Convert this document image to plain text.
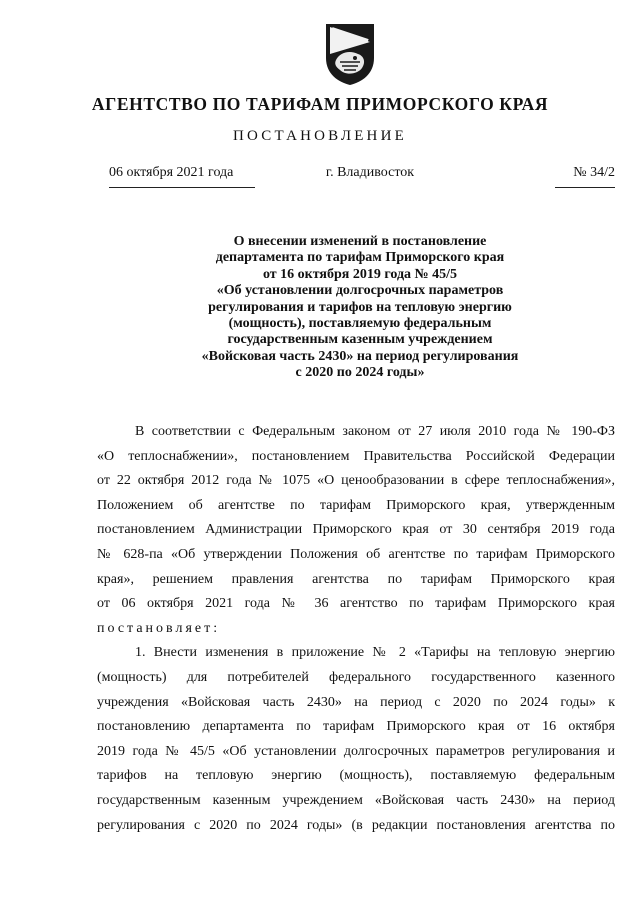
АГЕНТСТВО ПО ТАРИФАМ ПРИМОРСКОГО КРАЯ
ПОСТАНОВЛЕНИЕ
06 октября 2021 года	г. Владивосток	№ 34/2
О внесении изменений в постановление
департамента по тарифам Приморского края
от 16 октября 2019 года № 45/5
«Об установлении долгосрочных параметров
регулирования и тарифов на тепловую энергию
(мощность), поставляемую федеральным
государственным казенным учреждением
«Войсковая часть 2430» на период регулирования
с 2020 по 2024 годы»
В соответствии с Федеральным законом от 27 июля 2010 года № 190-ФЗ
«О теплоснабжении», постановлением Правительства Российской Федерации
от 22 октября 2012 года № 1075 «О ценообразовании в сфере теплоснабжения»,
Положением об агентстве по тарифам Приморского края, утвержденным
постановлением Администрации Приморского края от 30 сентября 2019 года
№ 628-па «Об утверждении Положения об агентстве по тарифам Приморского
края», решением правления агентства по тарифам Приморского края
от 06 октября 2021 года № 36 агентство по тарифам Приморского края
постановляет:
1. Внести изменения в приложение № 2 «Тарифы на тепловую энергию
(мощность) для потребителей федерального государственного казенного
учреждения «Войсковая часть 2430» на период с 2020 по 2024 годы» к
постановлению департамента по тарифам Приморского края от 16 октября
2019 года № 45/5 «Об установлении долгосрочных параметров регулирования и
тарифов на тепловую энергию (мощность), поставляемую федеральным
государственным казенным учреждением «Войсковая часть 2430» на период
регулирования с 2020 по 2024 годы» (в редакции постановления агентства по
